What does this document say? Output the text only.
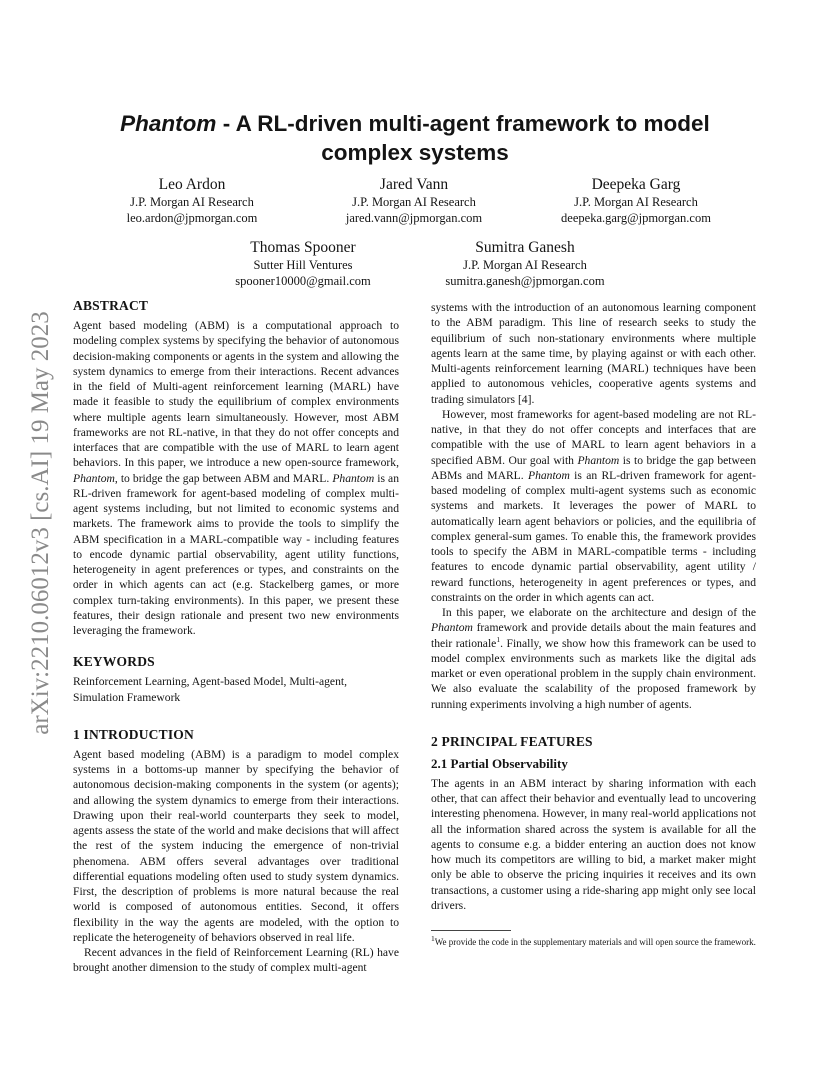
arXiv:2210.06012v3 [cs.AI] 19 May 2023
Phantom - A RL-driven multi-agent framework to model complex systems
Leo Ardon
J.P. Morgan AI Research
leo.ardon@jpmorgan.com
Jared Vann
J.P. Morgan AI Research
jared.vann@jpmorgan.com
Deepeka Garg
J.P. Morgan AI Research
deepeka.garg@jpmorgan.com
Thomas Spooner
Sutter Hill Ventures
spooner10000@gmail.com
Sumitra Ganesh
J.P. Morgan AI Research
sumitra.ganesh@jpmorgan.com
ABSTRACT

Agent based modeling (ABM) is a computational approach to modeling complex systems by specifying the behavior of autonomous decision-making components or agents in the system and allowing the system dynamics to emerge from their interactions. Recent advances in the field of Multi-agent reinforcement learning (MARL) have made it feasible to study the equilibrium of complex environments where multiple agents learn simultaneously. However, most ABM frameworks are not RL-native, in that they do not offer concepts and interfaces that are compatible with the use of MARL to learn agent behaviors. In this paper, we introduce a new open-source framework, Phantom, to bridge the gap between ABM and MARL. Phantom is an RL-driven framework for agent-based modeling of complex multi-agent systems including, but not limited to economic systems and markets. The framework aims to provide the tools to simplify the ABM specification in a MARL-compatible way - including features to encode dynamic partial observability, agent utility functions, heterogeneity in agent preferences or types, and constraints on the order in which agents can act (e.g. Stackelberg games, or more complex turn-taking environments). In this paper, we present these features, their design rationale and present two new environments leveraging the framework.

KEYWORDS

Reinforcement Learning, Agent-based Model, Multi-agent, Simulation Framework

1 INTRODUCTION

Agent based modeling (ABM) is a paradigm to model complex systems in a bottoms-up manner by specifying the behavior of autonomous decision-making components in the system (or agents); and allowing the system dynamics to emerge from their interactions. Drawing upon their real-world counterparts they seek to model, agents assess the state of the world and make decisions that will affect the rest of the system inducing the emergence of non-trivial phenomena. ABM offers several advantages over traditional differential equations modeling often used to study system dynamics. First, the description of problems is more natural because the real world is composed of autonomous entities. Second, it offers flexibility in the way the agents are modeled, with the option to replicate the heterogeneity of behaviors observed in real life.

Recent advances in the field of Reinforcement Learning (RL) have brought another dimension to the study of complex multi-agent

systems with the introduction of an autonomous learning component to the ABM paradigm. This line of research seeks to study the equilibrium of such non-stationary environments where multiple agents learn at the same time, by playing against or with each other. Multi-agents reinforcement learning (MARL) techniques have been applied to autonomous vehicles, cooperative agents systems and trading simulators [4].

However, most frameworks for agent-based modeling are not RL-native, in that they do not offer concepts and interfaces that are compatible with the use of MARL to learn agent behaviors in a specified ABM. Our goal with Phantom is to bridge the gap between ABMs and MARL. Phantom is an RL-driven framework for agent-based modeling of complex multi-agent systems such as economic systems and markets. It leverages the power of MARL to automatically learn agent behaviors or policies, and the equilibria of complex general-sum games. To enable this, the framework provides tools to specify the ABM in MARL-compatible terms - including features to encode dynamic partial observability, agent utility / reward functions, heterogeneity in agent preferences or types, and constraints on the order in which agents can act.

In this paper, we elaborate on the architecture and design of the Phantom framework and provide details about the main features and their rationale$^1$. Finally, we show how this framework can be used to model complex environments such as markets like the digital ads market or even operational problem in the supply chain environment. We also evaluate the scalability of the proposed framework by running experiments involving a high number of agents.

2 PRINCIPAL FEATURES
2.1 Partial Observability

The agents in an ABM interact by sharing information with each other, that can affect their behavior and eventually lead to uncovering interesting phenomena. However, in many real-world applications not all the information shared across the system is available for all the agents to consume e.g. a bidder entering an auction does not know how much its competitors are willing to bid, a market maker might only be able to observe the pricing inquiries it receives and its own transactions, a customer using a ride-sharing app might only see local drivers.

$^1$We provide the code in the supplementary materials and will open source the framework.
